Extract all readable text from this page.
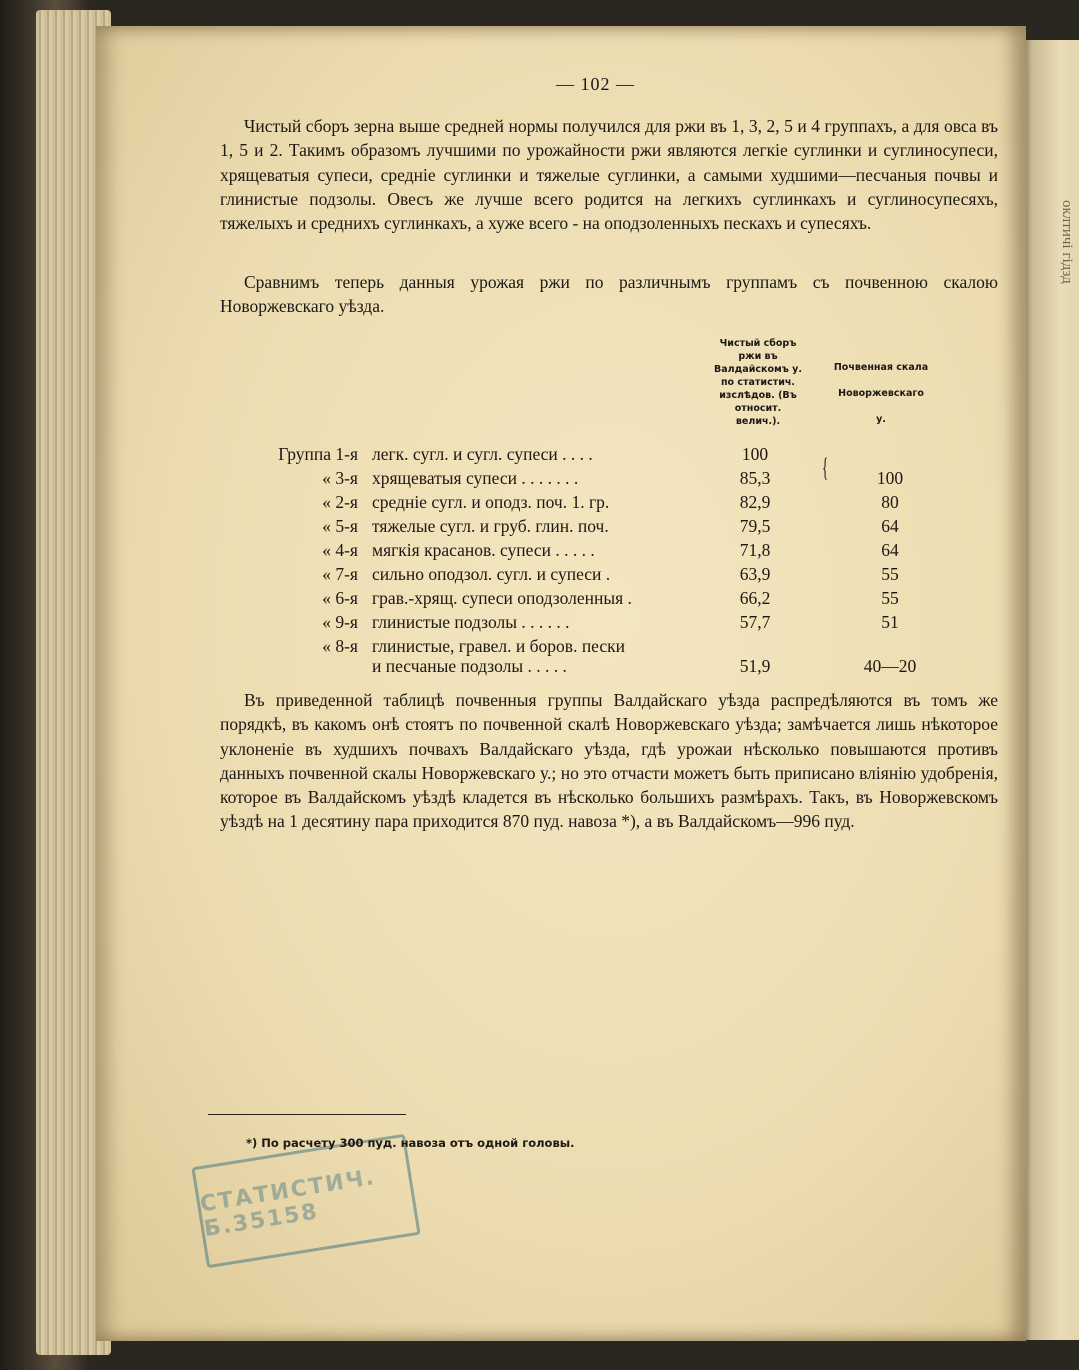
оклтичі гідзд
— 102 —
Чистый сборъ зерна выше средней нормы получился для ржи въ 1, 3, 2, 5 и 4 группахъ, а для овса въ 1, 5 и 2. Такимъ образомъ лучшими по урожайности ржи являются легкіе суглинки и суглиносупеси, хрящеватыя супеси, средніе суглинки и тяжелые суглинки, а самыми худшими—песчаныя почвы и глинистые подзолы. Овесъ же лучше всего родится на легкихъ суглинкахъ и суглиносупесяхъ, тяжелыхъ и среднихъ суглинкахъ, а хуже всего - на оподзоленныхъ пескахъ и супесяхъ.
Сравнимъ теперь данныя урожая ржи по различнымъ группамъ съ почвенною скалою Новоржевскаго уѣзда.
Чистый сборъ ржи въ Валдайскомъ у. по статистич. изслѣдов. (Въ относит. велич.).
Почвенная скала Новоржевскаго у.
Группа 1-я легк. сугл. и сугл. супеси . . . .	100
« 3-я хрящеватыя супеси . . . . . . .	85,3	100
« 2-я средніе сугл. и оподз. поч. 1. гр.	82,9	80
« 5-я тяжелые сугл. и груб. глин. поч.	79,5	64
« 4-я мягкія красанов. супеси . . . . .	71,8	64
« 7-я сильно оподзол. сугл. и супеси .	63,9	55
« 6-я грав.-хрящ. супеси оподзоленныя .	66,2	55
« 9-я глинистые подзолы . . . . . .	57,7	51
« 8-я глинистые, гравел. и боров. пески
и песчаные подзолы . . . . .	51,9	40—20
{
Въ приведенной таблицѣ почвенныя группы Валдайскаго уѣзда распредѣляются въ томъ же порядкѣ, въ какомъ онѣ стоятъ по почвенной скалѣ Новоржевскаго уѣзда; замѣчается лишь нѣкоторое уклоненіе въ худшихъ почвахъ Валдайскаго уѣзда, гдѣ урожаи нѣсколько повышаются противъ данныхъ почвенной скалы Новоржевскаго у.; но это отчасти можетъ быть приписано вліянію удобренія, которое въ Валдайскомъ уѣздѣ кладется въ нѣсколько большихъ размѣрахъ. Такъ, въ Новоржевскомъ уѣздѣ на 1 десятину пара приходится 870 пуд. навоза *), а въ Валдайскомъ—996 пуд.
СТАТИСТИЧ. Б.35158
*) По расчету 300 пуд. навоза отъ одной головы.
